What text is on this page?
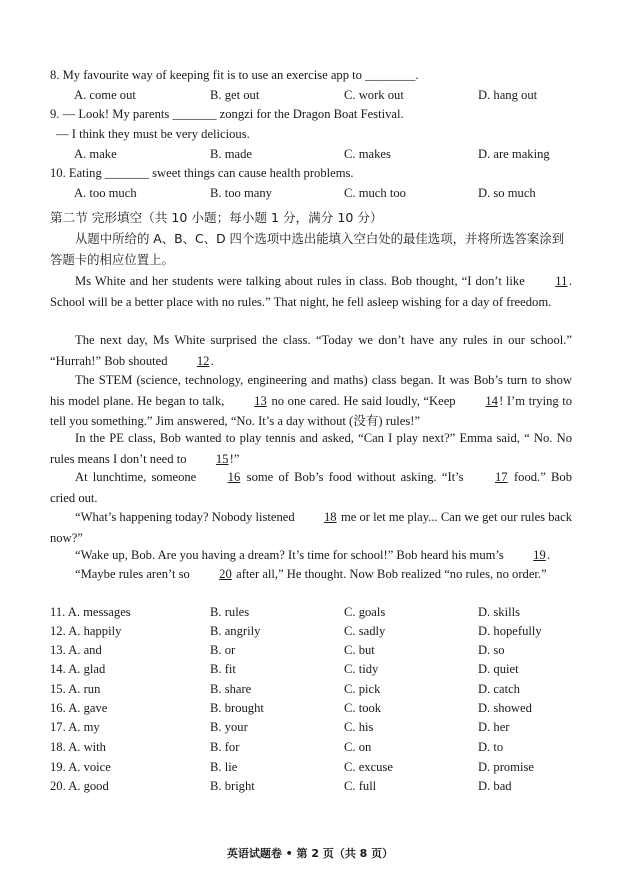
8. My favourite way of keeping fit is to use an exercise app to ________.
A. come out	B. get out	C. work out	D. hang out
9. — Look! My parents _______ zongzi for the Dragon Boat Festival.
— I think they must be very delicious.
A. make	B. made	C. makes	D. are making
10. Eating _______ sweet things can cause health problems.
A. too much	B. too many	C. much too	D. so much
第二节 完形填空（共 10 小题；每小题 1 分，满分 10 分）
从题中所给的 A、B、C、D 四个选项中选出能填入空白处的最佳选项，并将所选答案涂到答题卡的相应位置上。
Ms White and her students were talking about rules in class. Bob thought, “I don’t like 11. School will be a better place with no rules.” That night, he fell asleep wishing for a day of freedom.
The next day, Ms White surprised the class. “Today we don’t have any rules in our school.” “Hurrah!” Bob shouted 12.
The STEM (science, technology, engineering and maths) class began. It was Bob’s turn to show his model plane. He began to talk, 13 no one cared. He said loudly, “Keep 14! I’m trying to tell you something.” Jim answered, “No. It’s a day without (没有) rules!”
In the PE class, Bob wanted to play tennis and asked, “Can I play next?” Emma said, “ No. No rules means I don’t need to 15!”
At lunchtime, someone 16 some of Bob’s food without asking. “It’s 17 food.” Bob cried out.
“What’s happening today? Nobody listened 18 me or let me play... Can we get our rules back now?”
“Wake up, Bob. Are you having a dream? It’s time for school!” Bob heard his mum’s 19.
“Maybe rules aren’t so 20 after all,” He thought. Now Bob realized “no rules, no order.”
11. A. messages	B. rules	C. goals	D. skills
12. A. happily	B. angrily	C. sadly	D. hopefully
13. A. and	B. or	C. but	D. so
14. A. glad	B. fit	C. tidy	D. quiet
15. A. run	B. share	C. pick	D. catch
16. A. gave	B. brought	C. took	D. showed
17. A. my	B. your	C. his	D. her
18. A. with	B. for	C. on	D. to
19. A. voice	B. lie	C. excuse	D. promise
20. A. good	B. bright	C. full	D. bad
英语试题卷 • 第 2 页（共 8 页）
